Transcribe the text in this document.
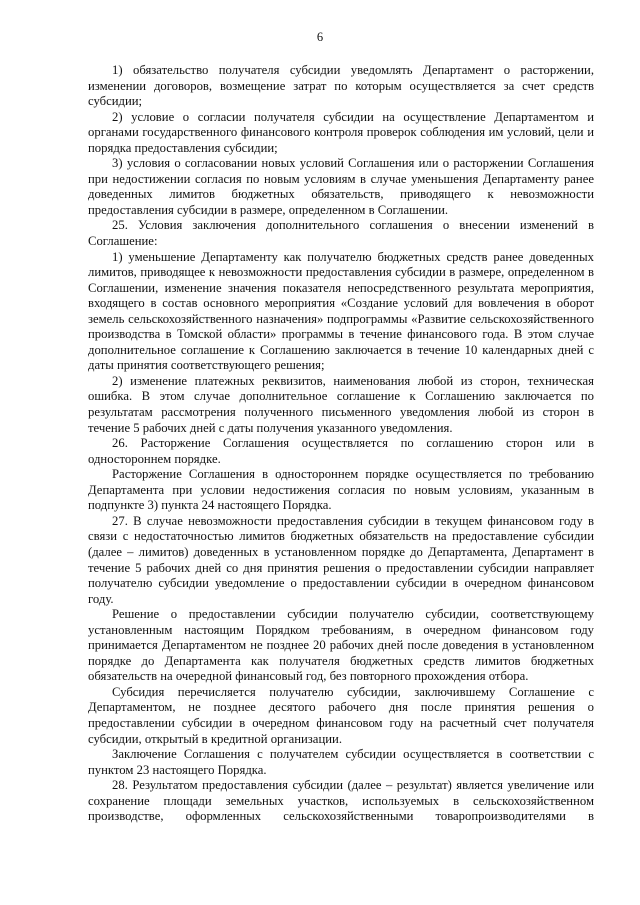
6

1) обязательство получателя субсидии уведомлять Департамент о расторжении, изменении договоров, возмещение затрат по которым осуществляется за счет средств субсидии;

2) условие о согласии получателя субсидии на осуществление Департаментом и органами государственного финансового контроля проверок соблюдения им условий, цели и порядка предоставления субсидии;

3) условия о согласовании новых условий Соглашения или о расторжении Соглашения при недостижении согласия по новым условиям в случае уменьшения Департаменту ранее доведенных лимитов бюджетных обязательств, приводящего к невозможности предоставления субсидии в размере, определенном в Соглашении.

25. Условия заключения дополнительного соглашения о внесении изменений в Соглашение:

1) уменьшение Департаменту как получателю бюджетных средств ранее доведенных лимитов, приводящее к невозможности предоставления субсидии в размере, определенном в Соглашении, изменение значения показателя непосредственного результата мероприятия, входящего в состав основного мероприятия «Создание условий для вовлечения в оборот земель сельскохозяйственного назначения» подпрограммы «Развитие сельскохозяйственного производства в Томской области» программы в течение финансового года. В этом случае дополнительное соглашение к Соглашению заключается в течение 10 календарных дней с даты принятия соответствующего решения;

2) изменение платежных реквизитов, наименования любой из сторон, техническая ошибка. В этом случае дополнительное соглашение к Соглашению заключается по результатам рассмотрения полученного письменного уведомления любой из сторон в течение 5 рабочих дней с даты получения указанного уведомления.

26. Расторжение Соглашения осуществляется по соглашению сторон или в одностороннем порядке.

Расторжение Соглашения в одностороннем порядке осуществляется по требованию Департамента при условии недостижения согласия по новым условиям, указанным в подпункте 3) пункта 24 настоящего Порядка.

27. В случае невозможности предоставления субсидии в текущем финансовом году в связи с недостаточностью лимитов бюджетных обязательств на предоставление субсидии (далее – лимитов) доведенных в установленном порядке до Департамента, Департамент в течение 5 рабочих дней со дня принятия решения о предоставлении субсидии направляет получателю субсидии уведомление о предоставлении субсидии в очередном финансовом году.

Решение о предоставлении субсидии получателю субсидии, соответствующему установленным настоящим Порядком требованиям, в очередном финансовом году принимается Департаментом не позднее 20 рабочих дней после доведения в установленном порядке до Департамента как получателя бюджетных средств лимитов бюджетных обязательств на очередной финансовый год, без повторного прохождения отбора.

Субсидия перечисляется получателю субсидии, заключившему Соглашение с Департаментом, не позднее десятого рабочего дня после принятия решения о предоставлении субсидии в очередном финансовом году на расчетный счет получателя субсидии, открытый в кредитной организации.

Заключение Соглашения с получателем субсидии осуществляется в соответствии с пунктом 23 настоящего Порядка.

28. Результатом предоставления субсидии (далее – результат) является увеличение или сохранение площади земельных участков, используемых в сельскохозяйственном производстве, оформленных сельскохозяйственными товаропроизводителями в
